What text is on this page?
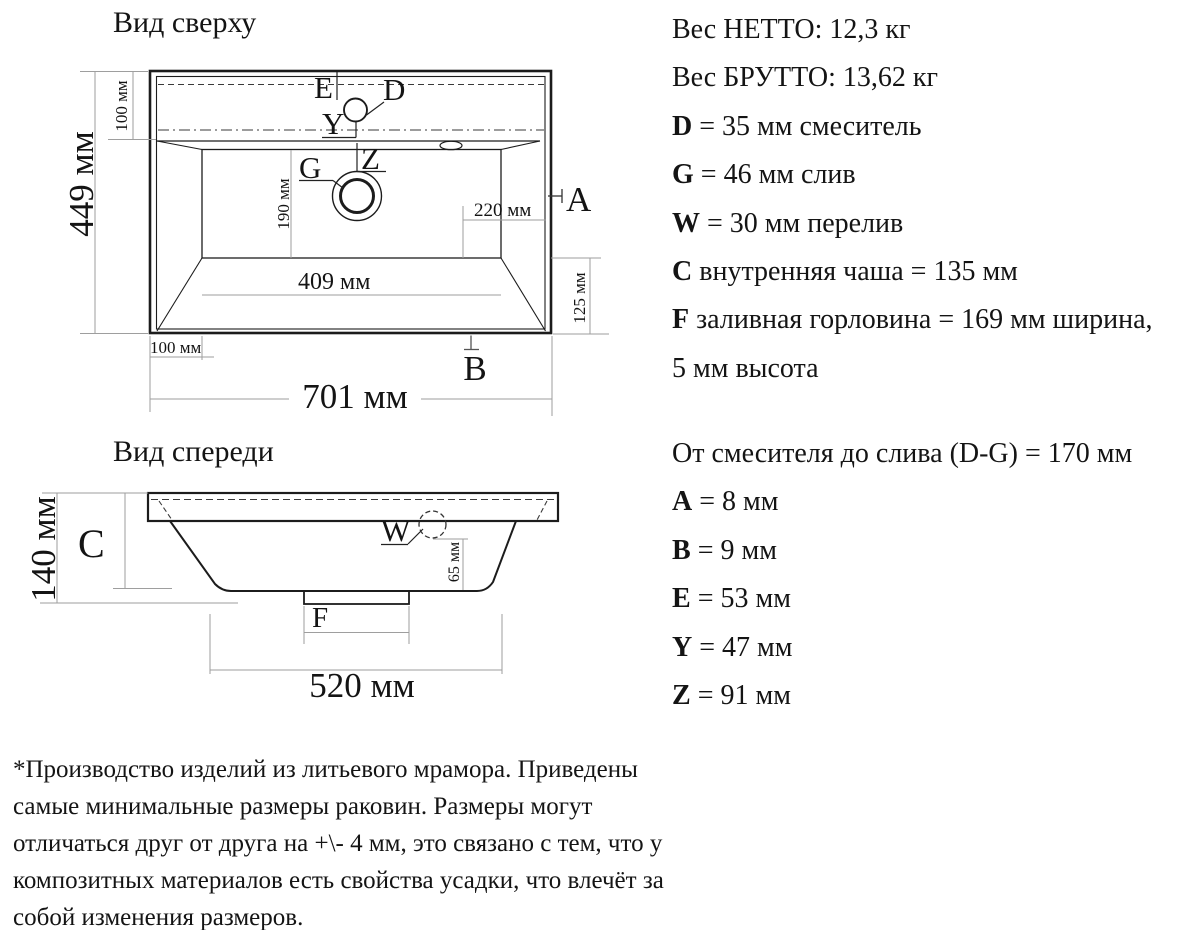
Вид сверху
E D
Y
Z
G
190 мм	220 мм
409 мм
A
125 мм
B
100 мм
701 мм
449 мм
100 мм
Вид спереди
W
65 мм
C
140 мм
F
520 мм
Вес НЕТТО: 12,3 кг
Вес БРУТТО: 13,62 кг
D = 35 мм смеситель
G = 46 мм слив
W = 30 мм перелив
C внутренняя чаша = 135 мм
F заливная горловина = 169 мм ширина,
5 мм высота
От смесителя до слива (D-G) = 170 мм
A = 8 мм
B = 9 мм
E = 53 мм
Y = 47 мм
Z = 91 мм
*Производство изделий из литьевого мрамора. Приведены
самые минимальные размеры раковин. Размеры могут
отличаться друг от друга на +\- 4 мм, это связано с тем, что у
композитных материалов есть свойства усадки, что влечёт за
собой изменения размеров.
